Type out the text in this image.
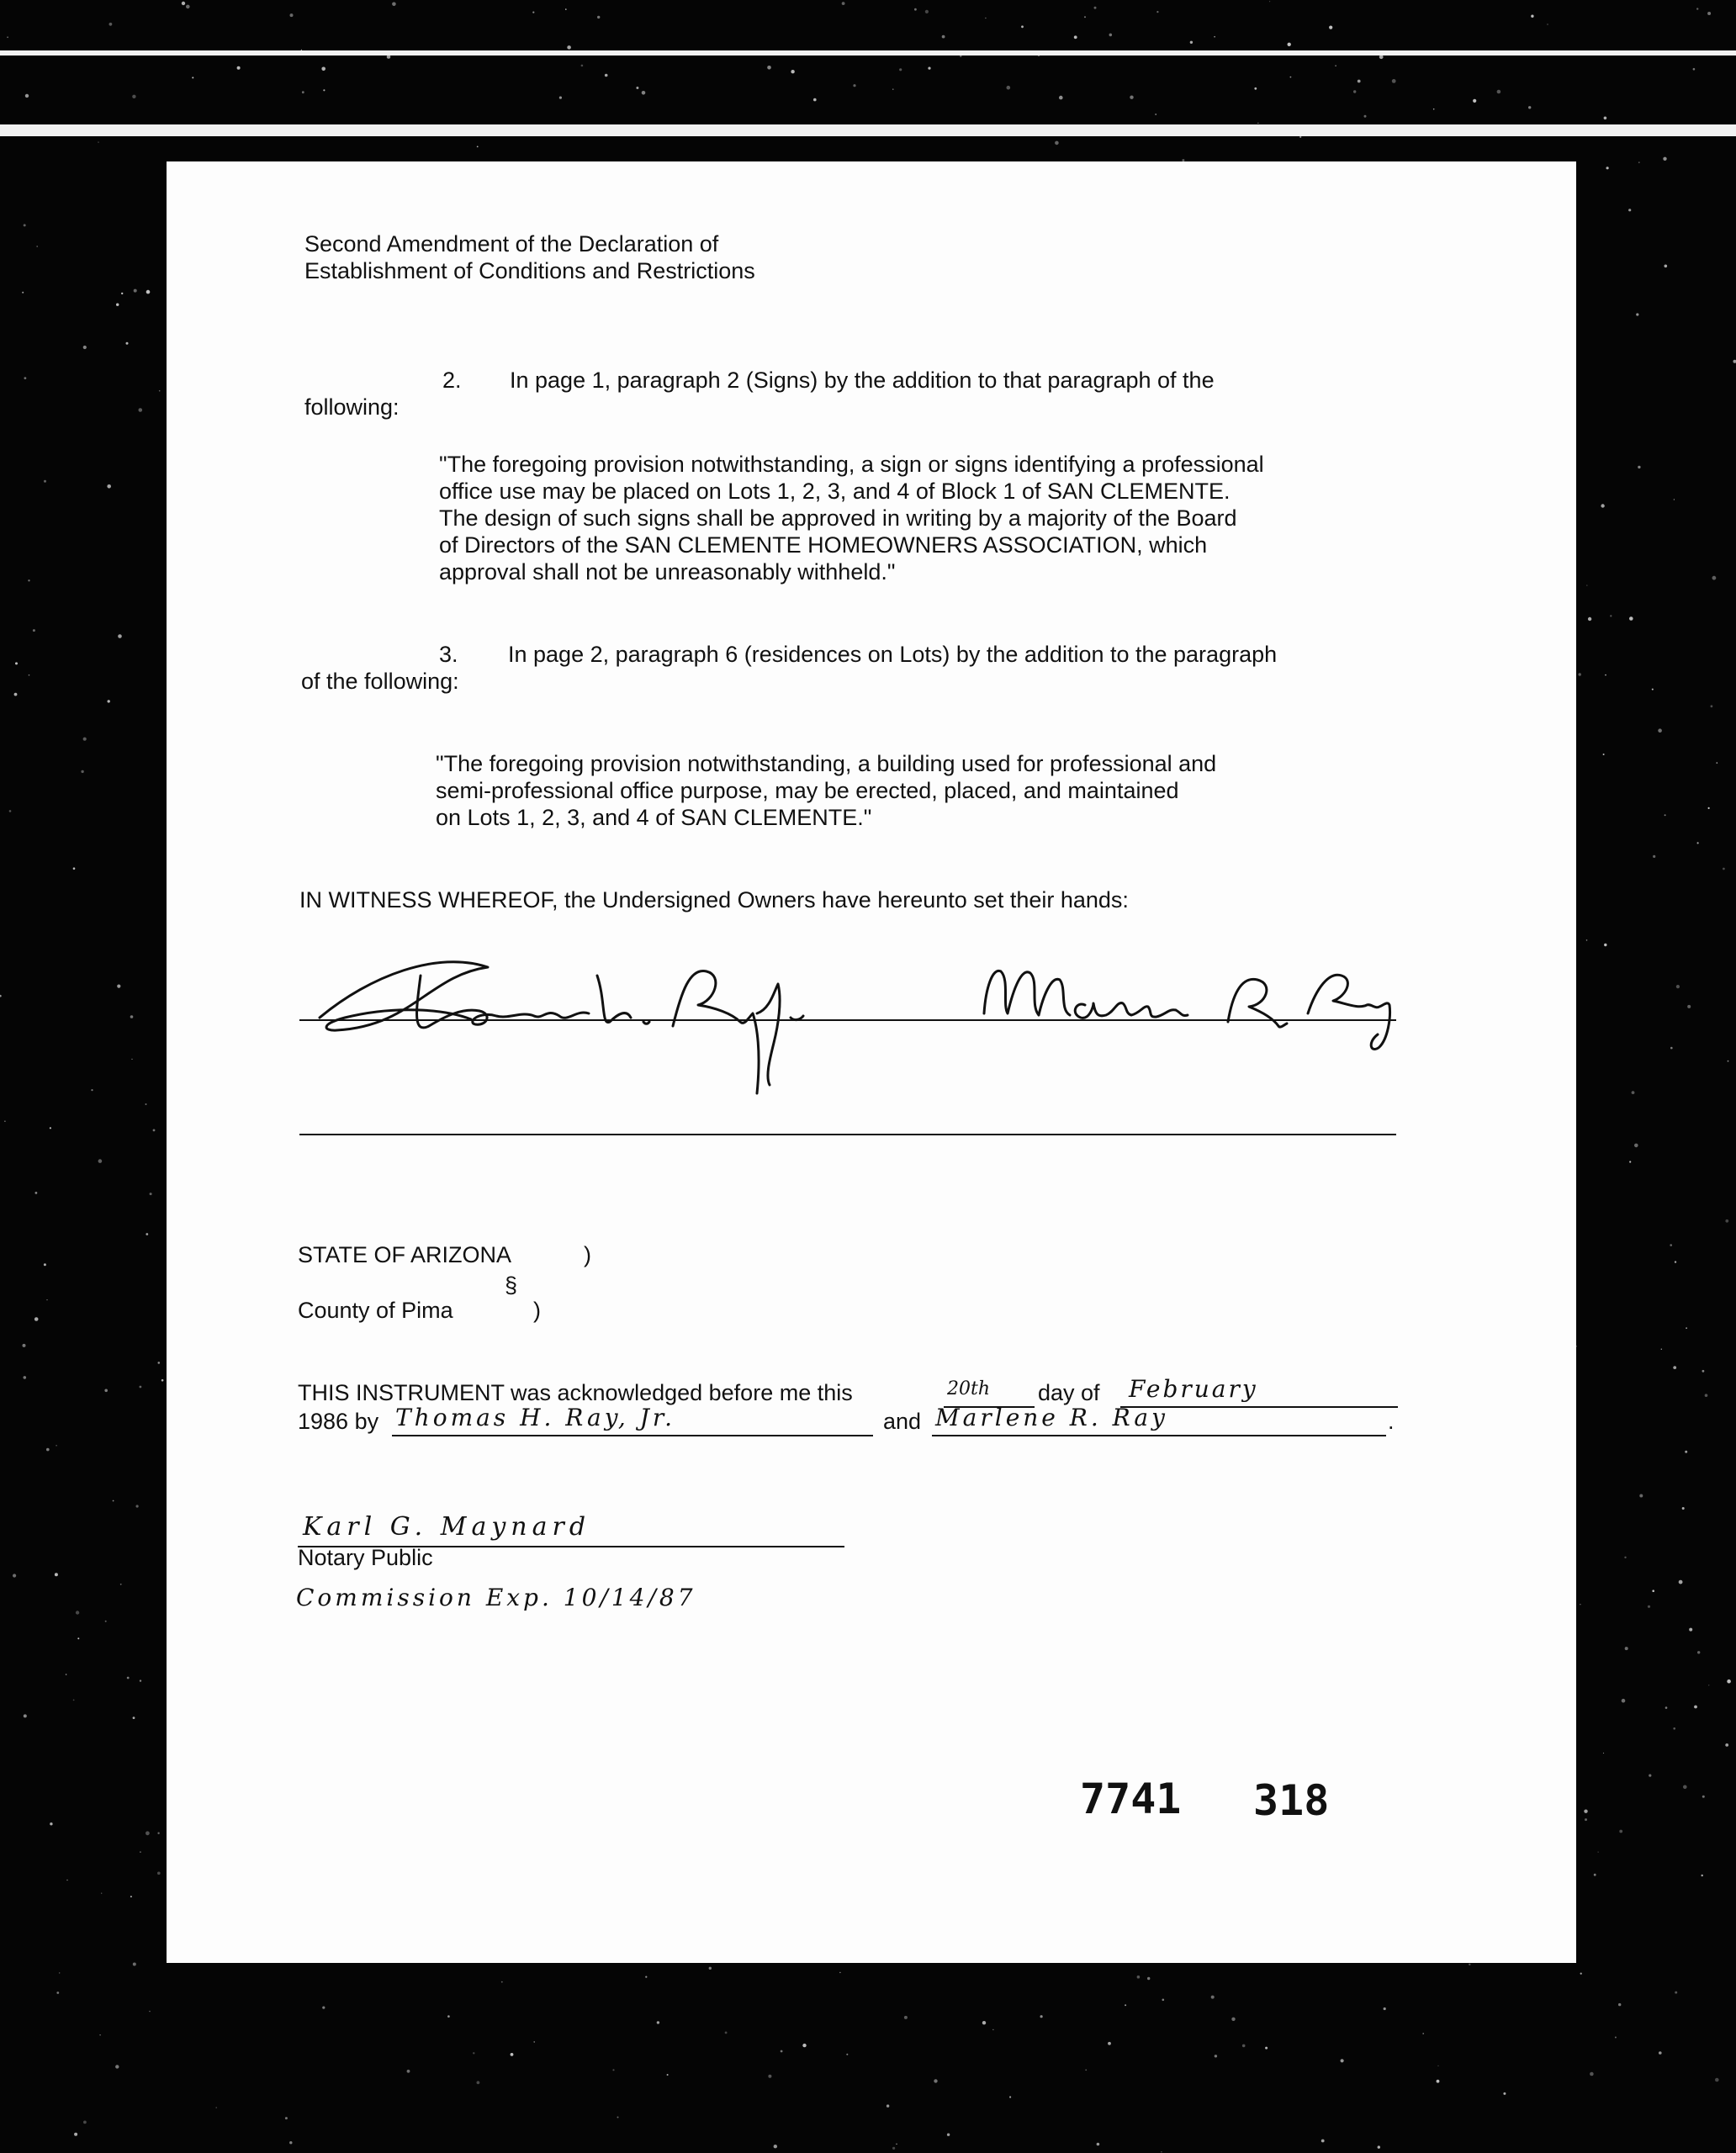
Second Amendment of the Declaration of
Establishment of Conditions and Restrictions
2. In page 1, paragraph 2 (Signs) by the addition to that paragraph of the
following:
"The foregoing provision notwithstanding, a sign or signs identifying a professional
office use may be placed on Lots 1, 2, 3, and 4 of Block 1 of SAN CLEMENTE.
The design of such signs shall be approved in writing by a majority of the Board
of Directors of the SAN CLEMENTE HOMEOWNERS ASSOCIATION, which
approval shall not be unreasonably withheld."
3. In page 2, paragraph 6 (residences on Lots) by the addition to the paragraph
of the following:
"The foregoing provision notwithstanding, a building used for professional and
semi-professional office purpose, may be erected, placed, and maintained
on Lots 1, 2, 3, and 4 of SAN CLEMENTE."
IN WITNESS WHEREOF, the Undersigned Owners have hereunto set their hands:
STATE OF ARIZONA	)
§
County of Pima	)
THIS INSTRUMENT was acknowledged before me this	20th day of February
1986 by Thomas H. Ray, Jr.	and Marlene R. Ray	.
Karl G. Maynard
Notary Public
Commission Exp. 10/14/87
7741 318
